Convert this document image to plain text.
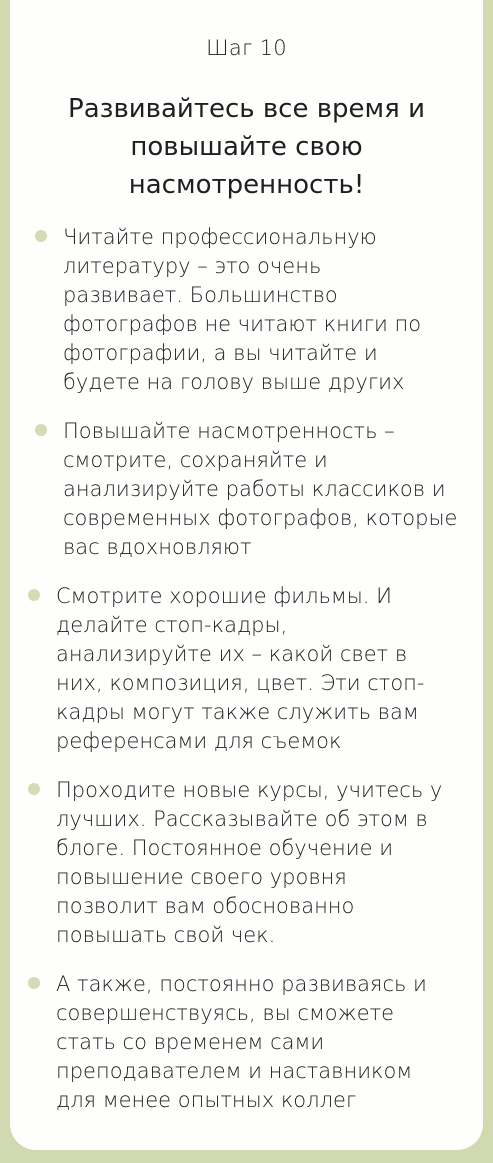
Шаг 10
Развивайтесь все время и повышайте свою насмотренность!
Читайте профессиональную литературу – это очень развивает. Большинство фотографов не читают книги по фотографии, а вы читайте и будете на голову выше других
Повышайте насмотренность – смотрите, сохраняйте и анализируйте работы классиков и современных фотографов, которые вас вдохновляют
Смотрите хорошие фильмы. И делайте стоп-кадры, анализируйте их – какой свет в них, композиция, цвет. Эти стоп-кадры могут также служить вам референсами для съемок
Проходите новые курсы, учитесь у лучших. Рассказывайте об этом в блоге. Постоянное обучение и повышение своего уровня позволит вам обоснованно повышать свой чек.
А также, постоянно развиваясь и совершенствуясь, вы сможете стать со временем сами преподавателем и наставником для менее опытных коллег
